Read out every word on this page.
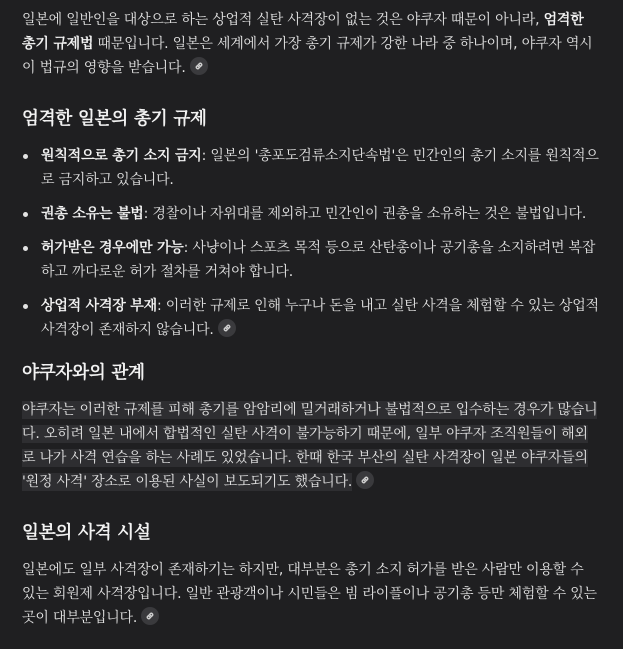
일본에 일반인을 대상으로 하는 상업적 실탄 사격장이 없는 것은 야쿠자 때문이 아니라, 엄격한 총기 규제법 때문입니다. 일본은 세계에서 가장 총기 규제가 강한 나라 중 하나이며, 야쿠자 역시 이 법규의 영향을 받습니다.

엄격한 일본의 총기 규제
원칙적으로 총기 소지 금지: 일본의 '총포도검류소지단속법'은 민간인의 총기 소지를 원칙적으로 금지하고 있습니다.
권총 소유는 불법: 경찰이나 자위대를 제외하고 민간인이 권총을 소유하는 것은 불법입니다.
허가받은 경우에만 가능: 사냥이나 스포츠 목적 등으로 산탄총이나 공기총을 소지하려면 복잡하고 까다로운 허가 절차를 거쳐야 합니다.
상업적 사격장 부재: 이러한 규제로 인해 누구나 돈을 내고 실탄 사격을 체험할 수 있는 상업적 사격장이 존재하지 않습니다.
야쿠자와의 관계

야쿠자는 이러한 규제를 피해 총기를 암암리에 밀거래하거나 불법적으로 입수하는 경우가 많습니다. 오히려 일본 내에서 합법적인 실탄 사격이 불가능하기 때문에, 일부 야쿠자 조직원들이 해외로 나가 사격 연습을 하는 사례도 있었습니다. 한때 한국 부산의 실탄 사격장이 일본 야쿠자들의 '원정 사격' 장소로 이용된 사실이 보도되기도 했습니다.

일본의 사격 시설

일본에도 일부 사격장이 존재하기는 하지만, 대부분은 총기 소지 허가를 받은 사람만 이용할 수 있는 회원제 사격장입니다. 일반 관광객이나 시민들은 빔 라이플이나 공기총 등만 체험할 수 있는 곳이 대부분입니다.
